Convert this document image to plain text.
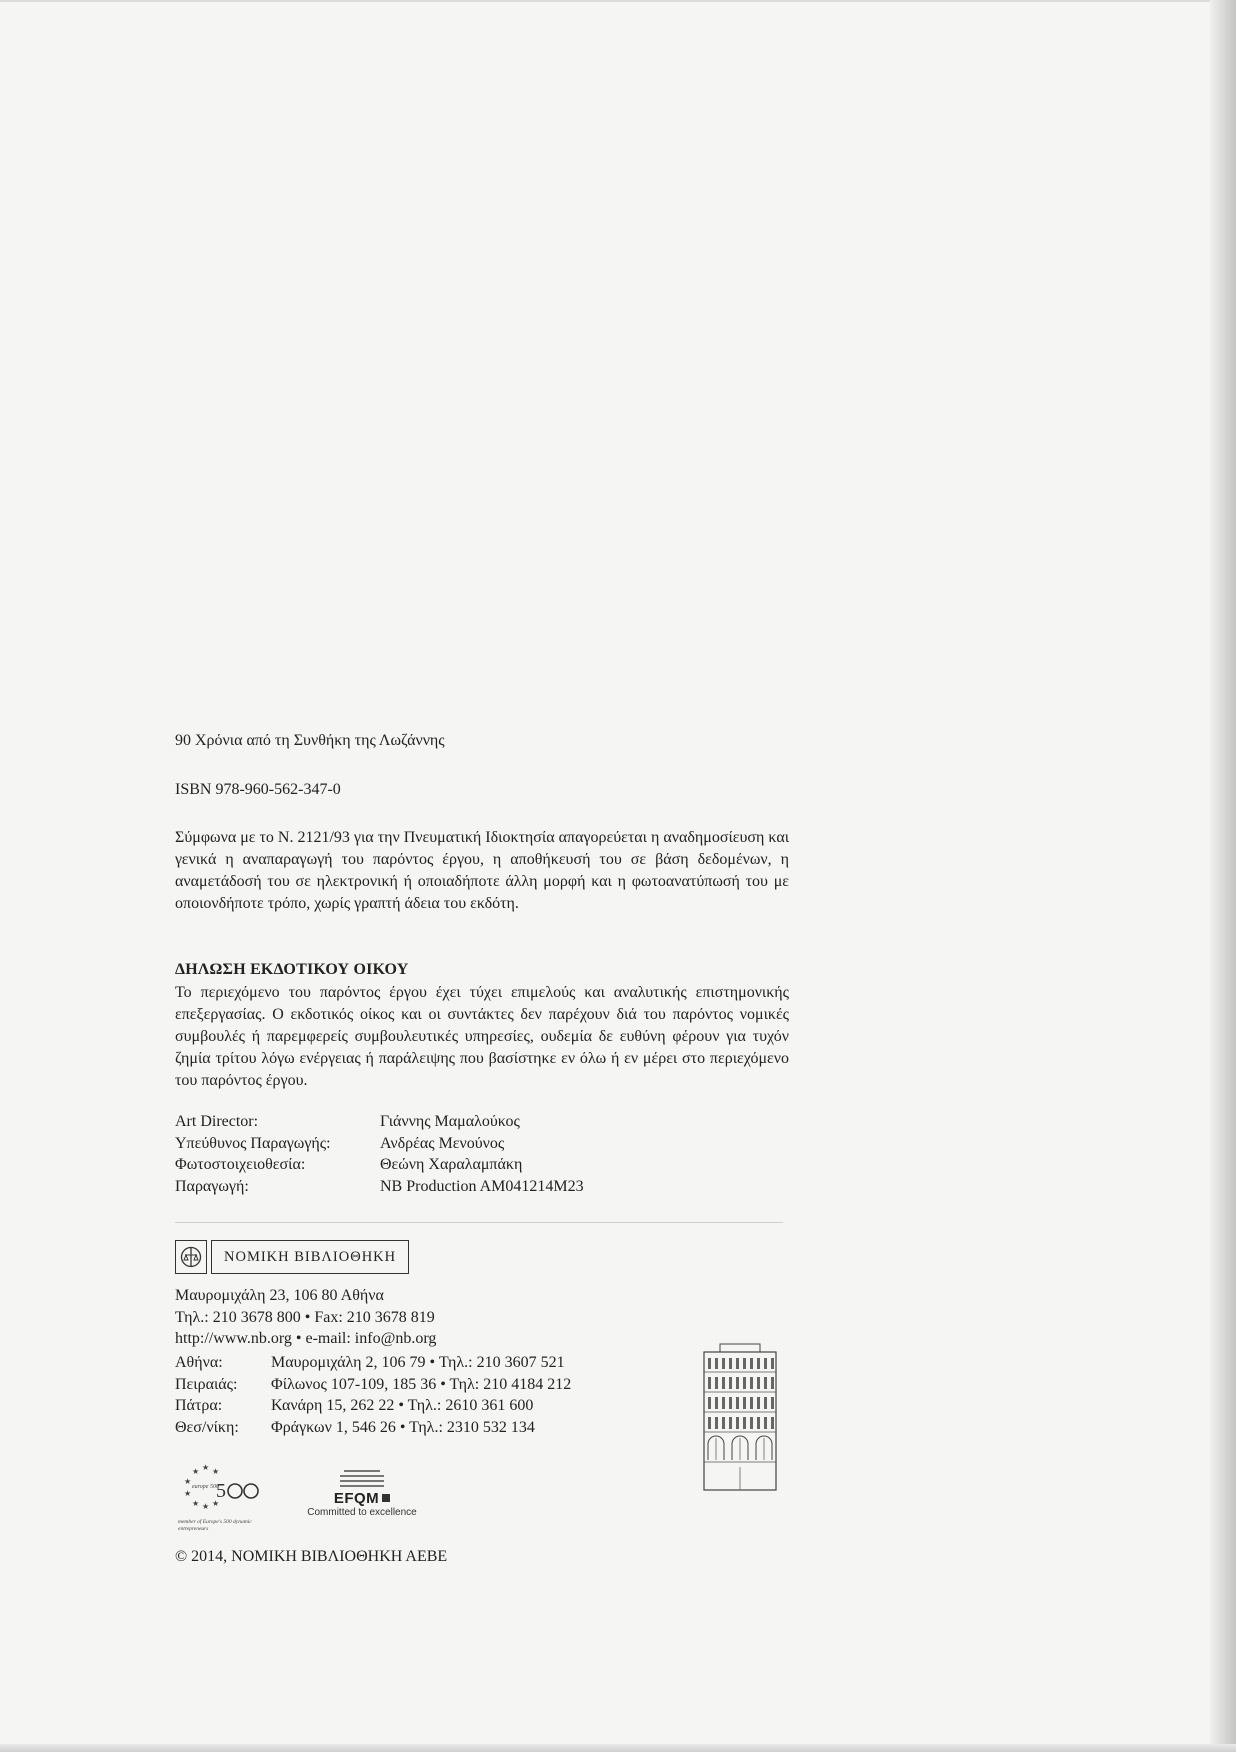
90 Χρόνια από τη Συνθήκη της Λωζάννης
ISBN 978-960-562-347-0
Σύμφωνα με το Ν. 2121/93 για την Πνευματική Ιδιοκτησία απαγορεύεται η αναδημοσίευση και γενικά η αναπαραγωγή του παρόντος έργου, η αποθήκευσή του σε βάση δεδομένων, η αναμετάδοσή του σε ηλεκτρονική ή οποιαδήποτε άλλη μορφή και η φωτοανατύπωσή του με οποιονδήποτε τρόπο, χωρίς γραπτή άδεια του εκδότη.
ΔΗΛΩΣΗ ΕΚΔΟΤΙΚΟΥ ΟΙΚΟΥ
Το περιεχόμενο του παρόντος έργου έχει τύχει επιμελούς και αναλυτικής επιστημονικής επεξεργασίας. Ο εκδοτικός οίκος και οι συντάκτες δεν παρέχουν διά του παρόντος νομικές συμβουλές ή παρεμφερείς συμβουλευτικές υπηρεσίες, ουδεμία δε ευθύνη φέρουν για τυχόν ζημία τρίτου λόγω ενέργειας ή παράλειψης που βασίστηκε εν όλω ή εν μέρει στο περιεχόμενο του παρόντος έργου.
Art Director:	Γιάννης Μαμαλούκος
Υπεύθυνος Παραγωγής:	Ανδρέας Μενούνος
Φωτοστοιχειοθεσία:	Θεώνη Χαραλαμπάκη
Παραγωγή:	NB Production AM041214M23
ΝΟΜΙΚΗ ΒΙΒΛΙΟΘΗΚΗ
Μαυρομιχάλη 23, 106 80 Αθήνα
Τηλ.: 210 3678 800 • Fax: 210 3678 819
http://www.nb.org • e-mail: info@nb.org
Αθήνα:	Μαυρομιχάλη 2, 106 79 • Τηλ.: 210 3607 521
Πειραιάς:	Φίλωνος 107-109, 185 36 • Τηλ: 210 4184 212
Πάτρα:	Κανάρη 15, 262 22 • Τηλ.: 2610 361 600
Θεσ/νίκη:	Φράγκων 1, 546 26 • Τηλ.: 2310 532 134
★ ★ ★
★
★
★ ★ ★
5
europe 500
member of Europe's 500 dynamic entrepreneurs
EFQM
Committed to excellence
© 2014, ΝΟΜΙΚΗ ΒΙΒΛΙΟΘΗΚΗ ΑΕΒΕ
